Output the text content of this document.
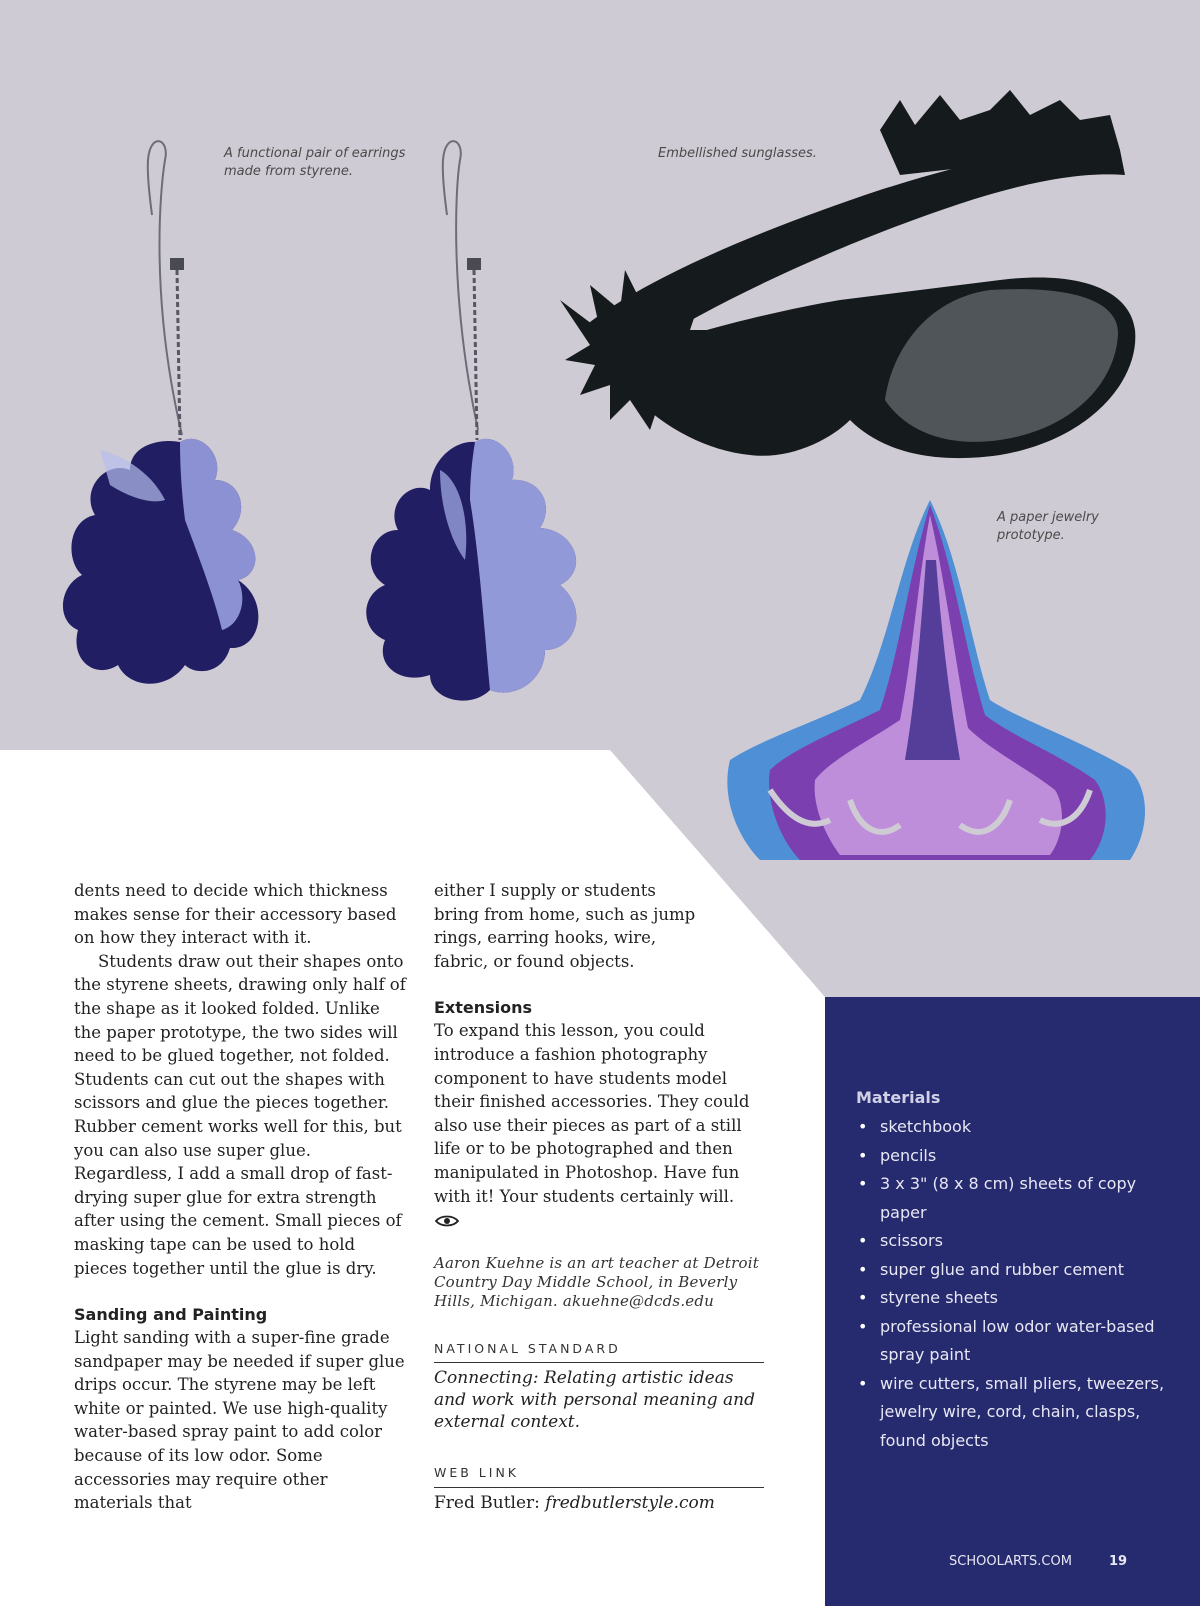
A functional pair of earrings made from styrene.
Embellished sunglasses.
A paper jewelry prototype.

dents need to decide which thickness makes sense for their accessory based on how they interact with it.

Students draw out their shapes onto the styrene sheets, drawing only half of the shape as it looked folded. Unlike the paper prototype, the two sides will need to be glued together, not folded. Students can cut out the shapes with scissors and glue the pieces together. Rubber cement works well for this, but you can also use super glue. Regardless, I add a small drop of fast-drying super glue for extra strength after using the cement. Small pieces of masking tape can be used to hold pieces together until the glue is dry.

Sanding and Painting

Light sanding with a super-fine grade sandpaper may be needed if super glue drips occur. The styrene may be left white or painted. We use high-quality water-based spray paint to add color because of its low odor. Some accessories may require other materials that

either I supply or students bring from home, such as jump rings, earring hooks, wire, fabric, or found objects.

Extensions

To expand this lesson, you could introduce a fashion photography component to have students model their finished accessories. They could also use their pieces as part of a still life or to be photographed and then manipulated in Photoshop. Have fun with it! Your students certainly will.

Aaron Kuehne is an art teacher at Detroit Country Day Middle School, in Beverly Hills, Michigan. akuehne@dcds.edu

NATIONAL STANDARD

Connecting: Relating artistic ideas and work with personal meaning and external context.

WEB LINK

Fred Butler: fredbutlerstyle.com

Materials
• sketchbook
• pencils
• 3 x 3" (8 x 8 cm) sheets of copy paper
• scissors
• super glue and rubber cement
• styrene sheets
• professional low odor water-based spray paint
• wire cutters, small pliers, tweezers, jewelry wire, cord, chain, clasps, found objects
SCHOOLARTS.COM	19
